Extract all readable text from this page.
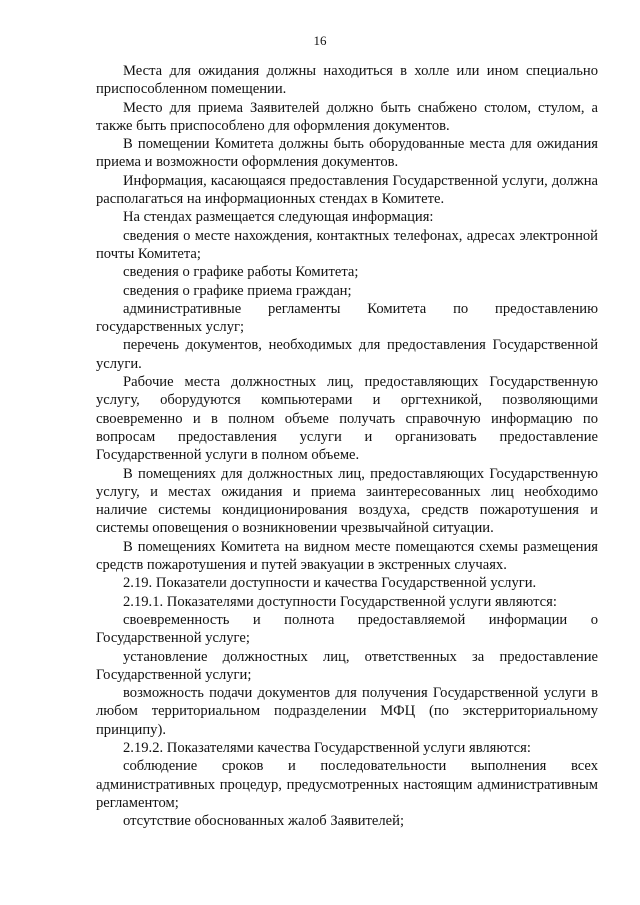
16

Места для ожидания должны находиться в холле или ином специально приспособленном помещении.

Место для приема Заявителей должно быть снабжено столом, стулом, а также быть приспособлено для оформления документов.

В помещении Комитета должны быть оборудованные места для ожидания приема и возможности оформления документов.

Информация, касающаяся предоставления Государственной услуги, должна располагаться на информационных стендах в Комитете.

На стендах размещается следующая информация:

сведения о месте нахождения, контактных телефонах, адресах электронной почты Комитета;

сведения о графике работы Комитета;

сведения о графике приема граждан;

административные регламенты Комитета по предоставлению государственных услуг;

перечень документов, необходимых для предоставления Государственной услуги.

Рабочие места должностных лиц, предоставляющих Государственную услугу, оборудуются компьютерами и оргтехникой, позволяющими своевременно и в полном объеме получать справочную информацию по вопросам предоставления услуги и организовать предоставление Государственной услуги в полном объеме.

В помещениях для должностных лиц, предоставляющих Государственную услугу, и местах ожидания и приема заинтересованных лиц необходимо наличие системы кондиционирования воздуха, средств пожаротушения и системы оповещения о возникновении чрезвычайной ситуации.

В помещениях Комитета на видном месте помещаются схемы размещения средств пожаротушения и путей эвакуации в экстренных случаях.

2.19. Показатели доступности и качества Государственной услуги.

2.19.1. Показателями доступности Государственной услуги являются:

своевременность и полнота предоставляемой информации о Государственной услуге;

установление должностных лиц, ответственных за предоставление Государственной услуги;

возможность подачи документов для получения Государственной услуги в любом территориальном подразделении МФЦ (по экстерриториальному принципу).

2.19.2. Показателями качества Государственной услуги являются:

соблюдение сроков и последовательности выполнения всех административных процедур, предусмотренных настоящим административным регламентом;

отсутствие обоснованных жалоб Заявителей;
